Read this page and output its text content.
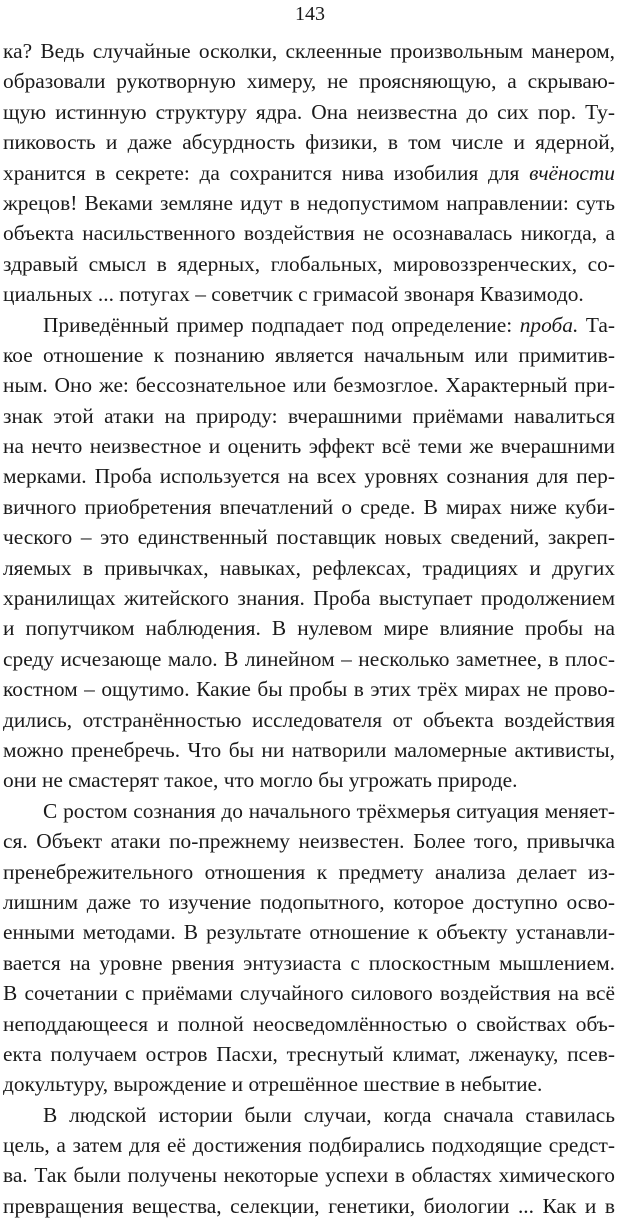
143
ка? Ведь случайные осколки, склеенные произвольным манером,
образовали рукотворную химеру, не проясняющую, а скрываю-
щую истинную структуру ядра. Она неизвестна до сих пор. Ту-
пиковость и даже абсурдность физики, в том числе и ядерной,
хранится в секрете: да сохранится нива изобилия для вчёности
жрецов! Веками земляне идут в недопустимом направлении: суть
объекта насильственного воздействия не осознавалась никогда, а
здравый смысл в ядерных, глобальных, мировоззренческих, со-
циальных ... потугах – советчик с гримасой звонаря Квазимодо.
Приведённый пример подпадает под определение: проба. Та-
кое отношение к познанию является начальным или примитив-
ным. Оно же: бессознательное или безмозглое. Характерный при-
знак этой атаки на природу: вчерашними приёмами навалиться
на нечто неизвестное и оценить эффект всё теми же вчерашними
мерками. Проба используется на всех уровнях сознания для пер-
вичного приобретения впечатлений о среде. В мирах ниже куби-
ческого – это единственный поставщик новых сведений, закреп-
ляемых в привычках, навыках, рефлексах, традициях и других
хранилищах житейского знания. Проба выступает продолжением
и попутчиком наблюдения. В нулевом мире влияние пробы на
среду исчезающе мало. В линейном – несколько заметнее, в плос-
костном – ощутимо. Какие бы пробы в этих трёх мирах не прово-
дились, отстранённостью исследователя от объекта воздействия
можно пренебречь. Что бы ни натворили маломерные активисты,
они не смастерят такое, что могло бы угрожать природе.
С ростом сознания до начального трёхмерья ситуация меняет-
ся. Объект атаки по-прежнему неизвестен. Более того, привычка
пренебрежительного отношения к предмету анализа делает из-
лишним даже то изучение подопытного, которое доступно осво-
енными методами. В результате отношение к объекту устанавли-
вается на уровне рвения энтузиаста с плоскостным мышлением.
В сочетании с приёмами случайного силового воздействия на всё
неподдающееся и полной неосведомлённостью о свойствах объ-
екта получаем остров Пасхи, треснутый климат, лженауку, псев-
докультуру, вырождение и отрешённое шествие в небытие.
В людской истории были случаи, когда сначала ставилась
цель, а затем для её достижения подбирались подходящие средст-
ва. Так были получены некоторые успехи в областях химического
превращения вещества, селекции, генетики, биологии ... Как и в
